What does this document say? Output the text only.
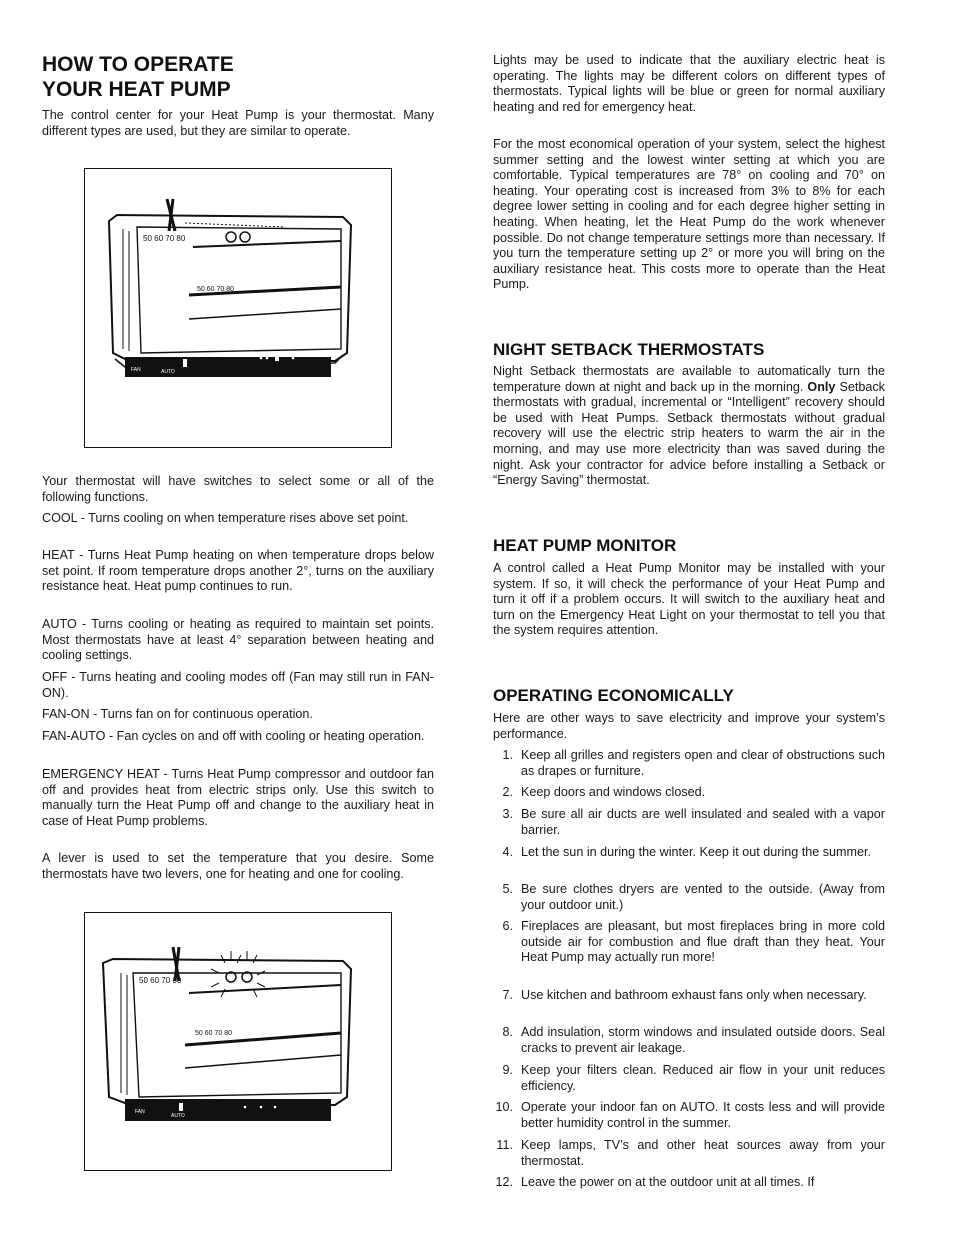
HOW TO OPERATE
YOUR HEAT PUMP

The control center for your Heat Pump is your thermostat. Many different types are used, but they are similar to operate.

Your thermostat will have switches to select some or all of the following functions.

COOL - Turns cooling on when temperature rises above set point.

HEAT - Turns Heat Pump heating on when temperature drops below set point. If room temperature drops another 2°, turns on the auxiliary resistance heat. Heat pump continues to run.

AUTO - Turns cooling or heating as required to maintain set points. Most thermostats have at least 4° separation between heating and cooling settings.

OFF - Turns heating and cooling modes off (Fan may still run in FAN-ON).

FAN-ON - Turns fan on for continuous operation.

FAN-AUTO - Fan cycles on and off with cooling or heating operation.

EMERGENCY HEAT - Turns Heat Pump compressor and outdoor fan off and provides heat from electric strips only. Use this switch to manually turn the Heat Pump off and change to the auxiliary heat in case of Heat Pump problems.

A lever is used to set the temperature that you desire. Some thermostats have two levers, one for heating and one for cooling.

50 60 70 80
50 60 70 80
FAN	AUTO
50 60 70 80
50 60 70 80
FAN
AUTO

Lights may be used to indicate that the auxiliary electric heat is operating. The lights may be different colors on different types of thermostats. Typical lights will be blue or green for normal auxiliary heating and red for emergency heat.

For the most economical operation of your system, select the highest summer setting and the lowest winter setting at which you are comfortable. Typical temperatures are 78° on cooling and 70° on heating. Your operating cost is increased from 3% to 8% for each degree lower setting in cooling and for each degree higher setting in heating. When heating, let the Heat Pump do the work whenever possible. Do not change temperature settings more than necessary. If you turn the temperature setting up 2° or more you will bring on the auxiliary resistance heat. This costs more to operate than the Heat Pump.

NIGHT SETBACK THERMOSTATS

Night Setback thermostats are available to automatically turn the temperature down at night and back up in the morning. Only Setback thermostats with gradual, incremental or “Intelligent” recovery should be used with Heat Pumps. Setback thermostats without gradual recovery will use the electric strip heaters to warm the air in the morning, and may use more electricity than was saved during the night. Ask your contractor for advice before installing a Setback or “Energy Saving” thermostat.

HEAT PUMP MONITOR

A control called a Heat Pump Monitor may be installed with your system. If so, it will check the performance of your Heat Pump and turn it off if a problem occurs. It will switch to the auxiliary heat and turn on the Emergency Heat Light on your thermostat to tell you that the system requires attention.

OPERATING ECONOMICALLY

Here are other ways to save electricity and improve your system’s performance.

1. Keep all grilles and registers open and clear of obstructions such as drapes or furniture.
2. Keep doors and windows closed.
3. Be sure all air ducts are well insulated and sealed with a vapor barrier.
4. Let the sun in during the winter. Keep it out during the summer.
5. Be sure clothes dryers are vented to the outside. (Away from your outdoor unit.)
6. Fireplaces are pleasant, but most fireplaces bring in more cold outside air for combustion and flue draft than they heat. Your Heat Pump may actually run more!
7. Use kitchen and bathroom exhaust fans only when necessary.
8. Add insulation, storm windows and insulated outside doors. Seal cracks to prevent air leakage.
9. Keep your filters clean. Reduced air flow in your unit reduces efficiency.
10. Operate your indoor fan on AUTO. It costs less and will provide better humidity control in the summer.
11. Keep lamps, TV’s and other heat sources away from your thermostat.
12. Leave the power on at the outdoor unit at all times. If
